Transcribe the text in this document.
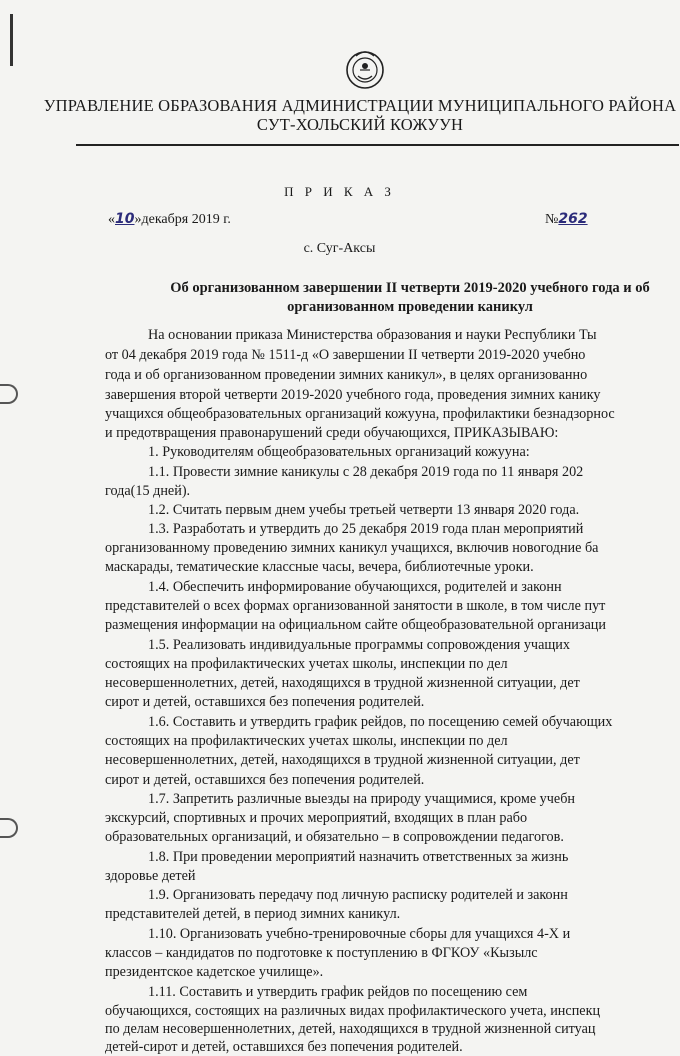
УПРАВЛЕНИЕ ОБРАЗОВАНИЯ АДМИНИСТРАЦИИ МУНИЦИПАЛЬНОГО РАЙОНА
СУТ-ХОЛЬСКИЙ КОЖУУН
П Р И К А З
«10»декабря 2019 г.	№262
с. Суг-Аксы
Об организованном завершении II четверти 2019-2020 учебного года и об
организованном проведении каникул
На основании приказа Министерства образования и науки Республики Ты
от 04 декабря 2019 года № 1511-д «О завершении II четверти 2019-2020 учебно
года и об организованном проведении зимних каникул», в целях организованно
завершения второй четверти 2019-2020 учебного года, проведения зимних канику
учащихся общеобразовательных организаций кожууна, профилактики безнадзорнос
и предотвращения правонарушений среди обучающихся, ПРИКАЗЫВАЮ:
1. Руководителям общеобразовательных организаций кожууна:
1.1. Провести зимние каникулы с 28 декабря 2019 года по 11 января 202
года(15 дней).
1.2. Считать первым днем учебы третьей четверти 13 января 2020 года.
1.3. Разработать и утвердить до 25 декабря 2019 года план мероприятий
организованному проведению зимних каникул учащихся, включив новогодние ба
маскарады, тематические классные часы, вечера, библиотечные уроки.
1.4. Обеспечить информирование обучающихся, родителей и законн
представителей о всех формах организованной занятости в школе, в том числе пут
размещения информации на официальном сайте общеобразовательной организаци
1.5. Реализовать индивидуальные программы сопровождения учащих
состоящих на профилактических учетах школы, инспекции по дел
несовершеннолетних, детей, находящихся в трудной жизненной ситуации, дет
сирот и детей, оставшихся без попечения родителей.
1.6. Составить и утвердить график рейдов, по посещению семей обучающих
состоящих на профилактических учетах школы, инспекции по дел
несовершеннолетних, детей, находящихся в трудной жизненной ситуации, дет
сирот и детей, оставшихся без попечения родителей.
1.7. Запретить различные выезды на природу учащимися, кроме учебн
экскурсий, спортивных и прочих мероприятий, входящих в план рабо
образовательных организаций, и обязательно – в сопровождении педагогов.
1.8. При проведении мероприятий назначить ответственных за жизнь
здоровье детей
1.9. Организовать передачу под личную расписку родителей и законн
представителей детей, в период зимних каникул.
1.10. Организовать учебно-тренировочные сборы для учащихся 4-Х и
классов – кандидатов по подготовке к поступлению в ФГКОУ «Кызылс
президентское кадетское училище».
1.11. Составить и утвердить график рейдов по посещению сем
обучающихся, состоящих на различных видах профилактического учета, инспекц
по делам несовершеннолетних, детей, находящихся в трудной жизненной ситуац
детей-сирот и детей, оставшихся без попечения родителей.
